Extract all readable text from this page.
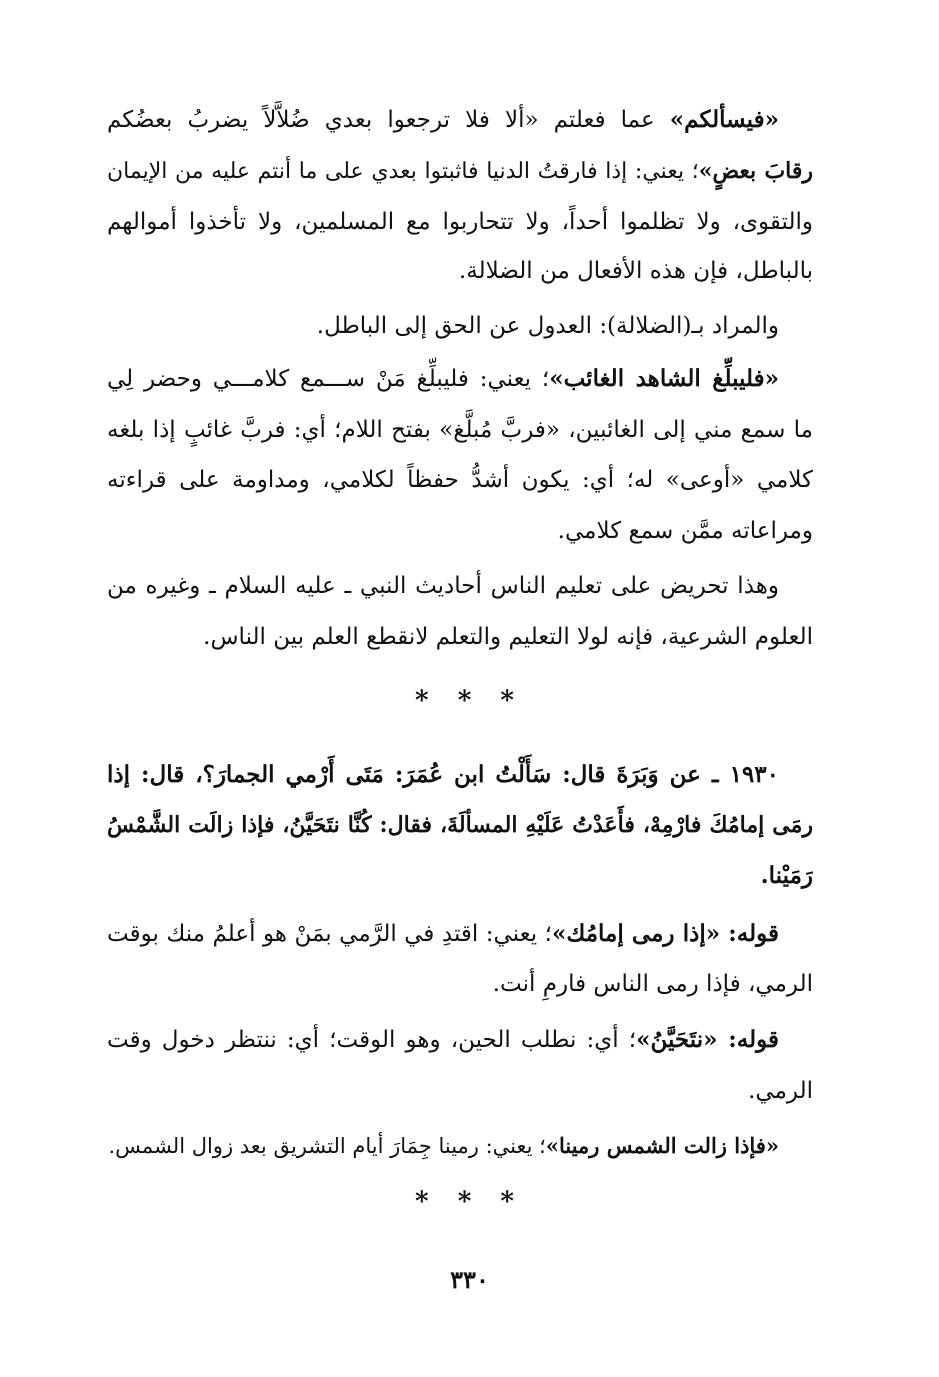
«فيسألكم» عما فعلتم «ألا فلا ترجعوا بعدي ضُلاَّلاً يضربُ بعضُكم
رقابَ بعضٍ»؛ يعني: إذا فارقتُ الدنيا فاثبتوا بعدي على ما أنتم عليه من الإيمان
والتقوى، ولا تظلموا أحداً، ولا تتحاربوا مع المسلمين، ولا تأخذوا أموالهم
بالباطل، فإن هذه الأفعال من الضلالة.
والمراد بـ(الضلالة): العدول عن الحق إلى الباطل.
«فليبلِّغ الشاهد الغائب»؛ يعني: فليبلِّغ مَنْ ســـمع كلامـــي وحضر لِي
ما سمع مني إلى الغائبين، «فربَّ مُبلَّغ» بفتح اللام؛ أي: فربَّ غائبٍ إذا بلغه
كلامي «أوعى» له؛ أي: يكون أشدُّ حفظاً لكلامي، ومداومة على قراءته
ومراعاته ممَّن سمع كلامي.
وهذا تحريض على تعليم الناس أحاديث النبي ـ عليه السلام ـ وغيره من
العلوم الشرعية، فإنه لولا التعليم والتعلم لانقطع العلم بين الناس.
* * *
١٩٣٠ ـ عن وَبَرَةَ قال: سَأَلْتُ ابن عُمَرَ: مَتَى أَرْمي الجمارَ؟، قال: إذا
رمَى إمامُكَ فارْمِهْ، فأَعَدْتُ عَلَيْهِ المسألَةَ، فقال: كُنَّا نتَحَيَّنُ، فإذا زالَت الشَّمْسُ
رَمَيْنا.
قوله: «إذا رمى إمامُك»؛ يعني: اقتدِ في الرَّمي بمَنْ هو أعلمُ منك بوقت
الرمي، فإذا رمى الناس فارمِ أنت.
قوله: «نتَحَيَّنُ»؛ أي: نطلب الحين، وهو الوقت؛ أي: ننتظر دخول وقت
الرمي.
«فإذا زالت الشمس رمينا»؛ يعني: رمينا جِمَارَ أيام التشريق بعد زوال الشمس.
* * *
٣٣٠
